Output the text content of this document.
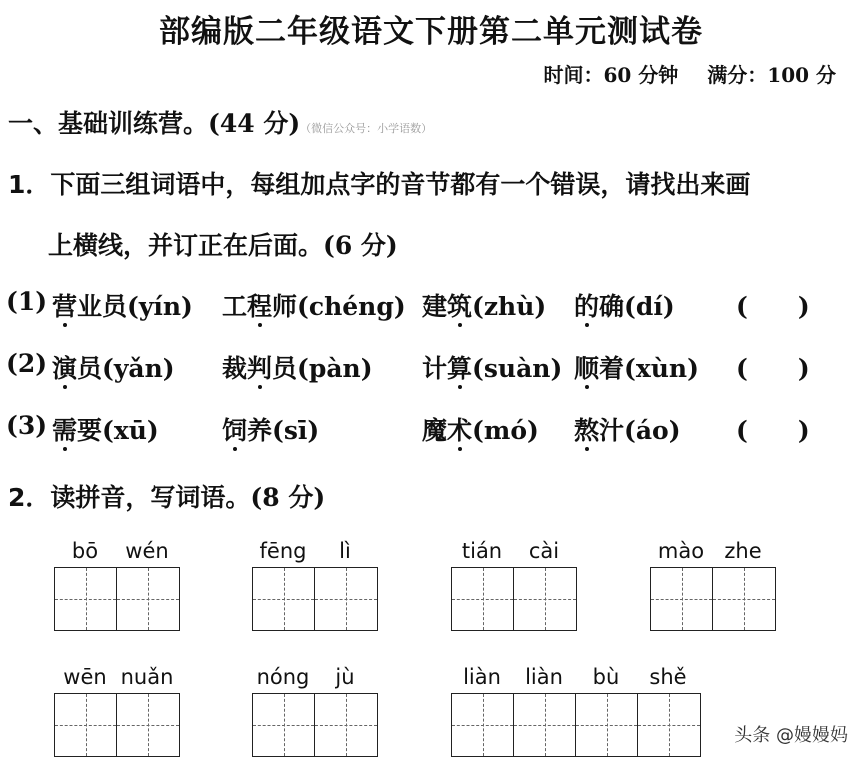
部编版二年级语文下册第二单元测试卷
时间：60 分钟 满分：100 分
一、基础训练营。(44 分)（微信公众号：小学语数）
1．下面三组词语中，每组加点字的音节都有一个错误，请找出来画
上横线，并订正在后面。(6 分)
(1) 营业员(yín) 工程师(chéng) 建筑(zhù) 的确(dí) (　　)
(2) 演员(yǎn) 裁判员(pàn) 计算(suàn) 顺着(xùn) (　　)
(3) 需要(xū)	饲养(sī)	魔术(mó) 熬汁(áo) (　　)
2．读拼音，写词语。(8 分)
bō wén	fēng lì	tián cài	mào zhe
wēn nuǎn	nóng jù	liàn liàn bù shě
头条 @嫚嫚妈
